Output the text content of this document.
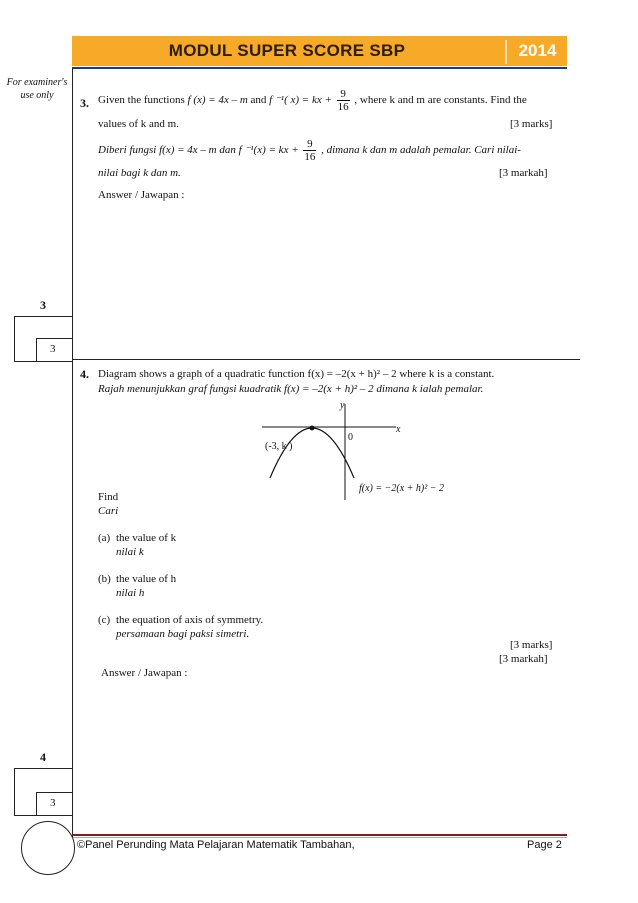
MODUL SUPER SCORE SBP	2014
For examiner's use only
3. Given the functions f (x) = 4x – m and f ⁻¹( x) = kx + $\frac{9}{16}$ , where k and m are constants. Find the
values of k and m.	[3 marks]
Diberi fungsi f(x) = 4x – m dan f ⁻¹(x) = kx + $\frac{9}{16}$ , dimana k dan m adalah pemalar. Cari nilai-
nilai bagi k dan m.	[3 markah]
Answer / Jawapan :
3
3
4. Diagram shows a graph of a quadratic function f(x) = –2(x + h)² – 2 where k is a constant.
Rajah menunjukkan graf fungsi kuadratik f(x) = –2(x + h)² – 2 dimana k ialah pemalar.
y
x
0
(-3, k )
f(x) = −2(x + h)² − 2
Find
Cari
(a) the value of k
nilai k
(b) the value of h
nilai h
(c) the equation of axis of symmetry.
persamaan bagi paksi simetri.
[3 marks]
[3 markah]
Answer / Jawapan :
4
3
©Panel Perunding Mata Pelajaran Matematik Tambahan,	Page 2
